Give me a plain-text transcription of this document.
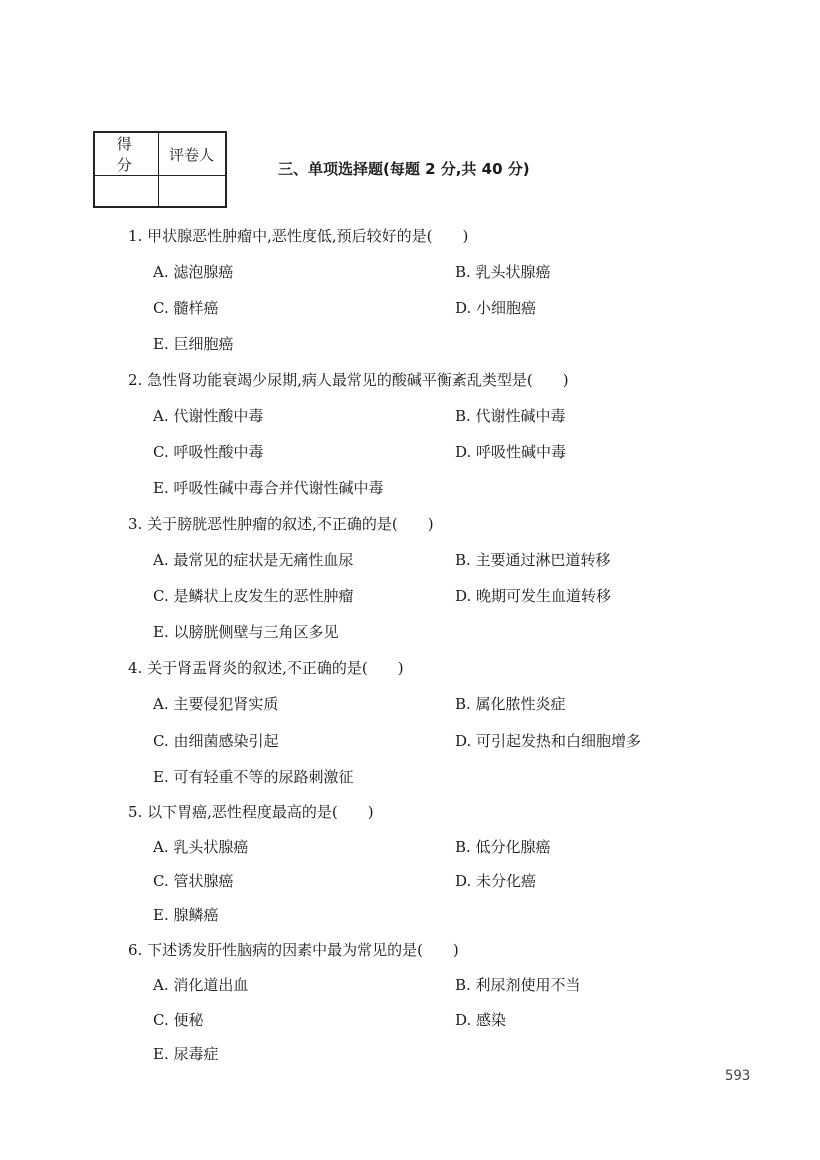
得分	评卷人

三、单项选择题(每题 2 分,共 40 分)
1. 甲状腺恶性肿瘤中,恶性度低,预后较好的是(　　)
A. 滤泡腺癌	B. 乳头状腺癌
C. 髓样癌	D. 小细胞癌
E. 巨细胞癌
2. 急性肾功能衰竭少尿期,病人最常见的酸碱平衡紊乱类型是(　　)
A. 代谢性酸中毒	B. 代谢性碱中毒
C. 呼吸性酸中毒	D. 呼吸性碱中毒
E. 呼吸性碱中毒合并代谢性碱中毒
3. 关于膀胱恶性肿瘤的叙述,不正确的是(　　)
A. 最常见的症状是无痛性血尿	B. 主要通过淋巴道转移
C. 是鳞状上皮发生的恶性肿瘤	D. 晚期可发生血道转移
E. 以膀胱侧壁与三角区多见
4. 关于肾盂肾炎的叙述,不正确的是(　　)
A. 主要侵犯肾实质	B. 属化脓性炎症
C. 由细菌感染引起	D. 可引起发热和白细胞增多
E. 可有轻重不等的尿路刺激征
5. 以下胃癌,恶性程度最高的是(　　)
A. 乳头状腺癌	B. 低分化腺癌
C. 管状腺癌	D. 未分化癌
E. 腺鳞癌
6. 下述诱发肝性脑病的因素中最为常见的是(　　)
A. 消化道出血	B. 利尿剂使用不当
C. 便秘	D. 感染
E. 尿毒症
593
